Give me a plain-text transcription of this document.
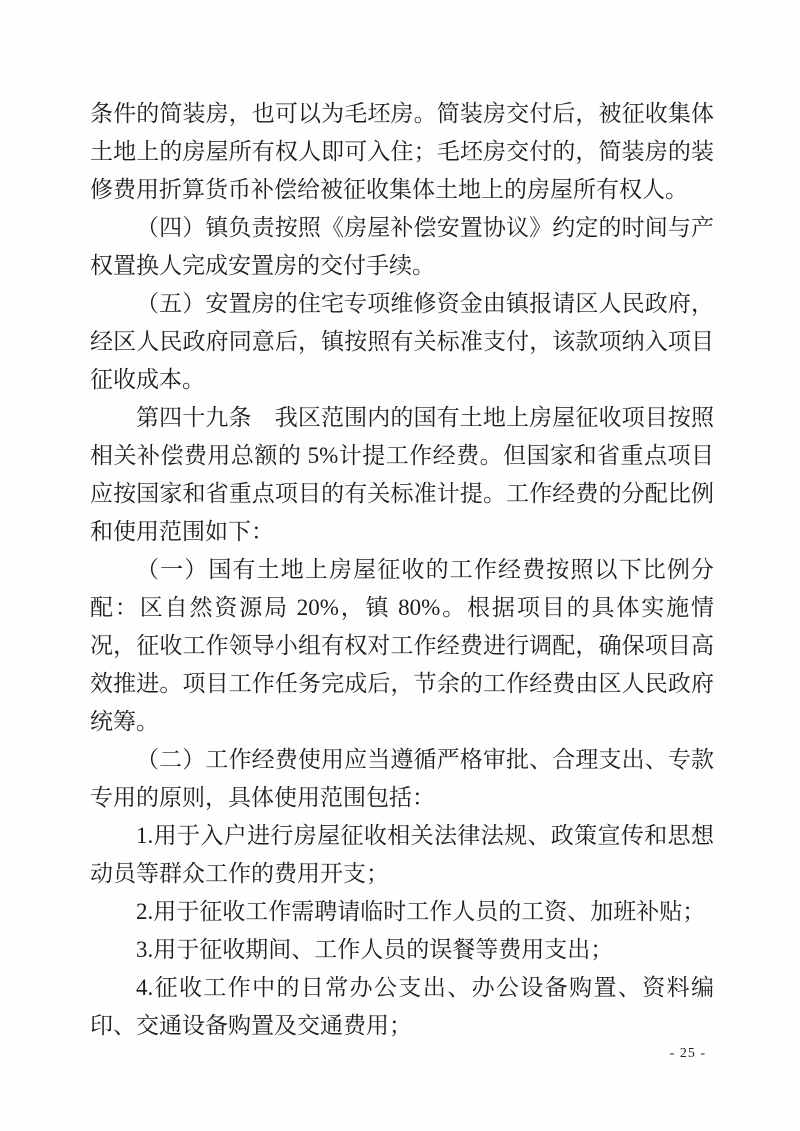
条件的简装房，也可以为毛坯房。简装房交付后，被征收集体土地上的房屋所有权人即可入住；毛坯房交付的，简装房的装修费用折算货币补偿给被征收集体土地上的房屋所有权人。

（四）镇负责按照《房屋补偿安置协议》约定的时间与产权置换人完成安置房的交付手续。

（五）安置房的住宅专项维修资金由镇报请区人民政府，经区人民政府同意后，镇按照有关标准支付，该款项纳入项目征收成本。

第四十九条　我区范围内的国有土地上房屋征收项目按照相关补偿费用总额的 5%计提工作经费。但国家和省重点项目应按国家和省重点项目的有关标准计提。工作经费的分配比例和使用范围如下：

（一）国有土地上房屋征收的工作经费按照以下比例分配：区自然资源局 20%，镇 80%。根据项目的具体实施情况，征收工作领导小组有权对工作经费进行调配，确保项目高效推进。项目工作任务完成后，节余的工作经费由区人民政府统筹。

（二）工作经费使用应当遵循严格审批、合理支出、专款专用的原则，具体使用范围包括：

1.用于入户进行房屋征收相关法律法规、政策宣传和思想动员等群众工作的费用开支；

2.用于征收工作需聘请临时工作人员的工资、加班补贴；

3.用于征收期间、工作人员的误餐等费用支出；

4.征收工作中的日常办公支出、办公设备购置、资料编印、交通设备购置及交通费用；

- 25 -
